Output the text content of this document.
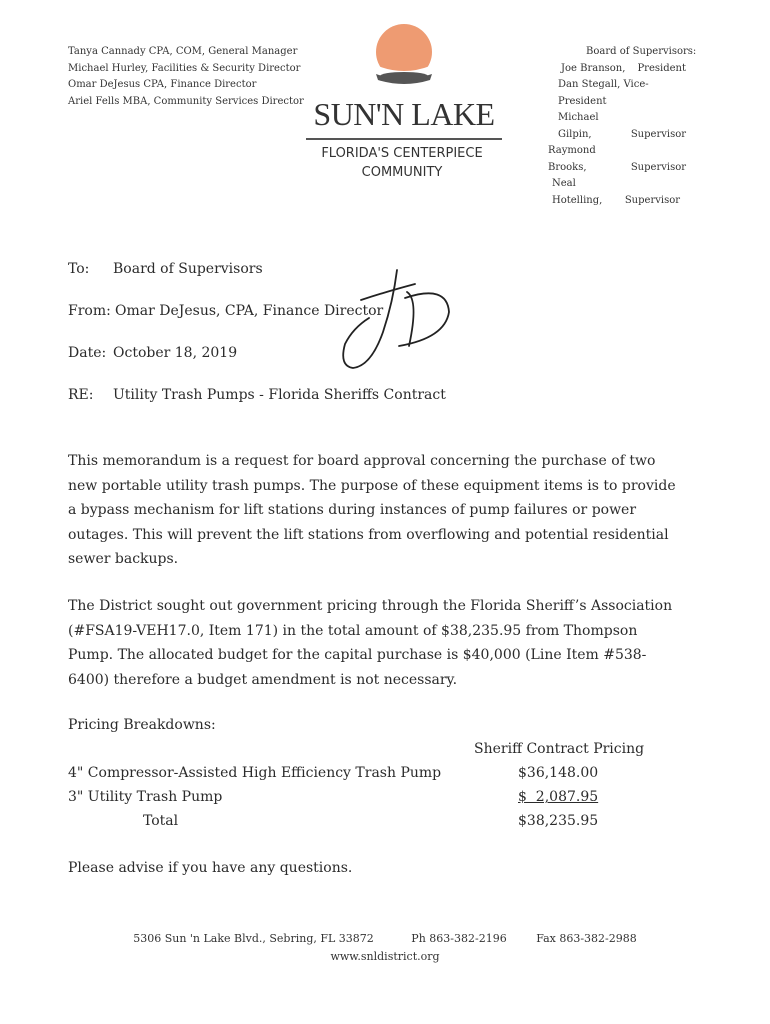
Tanya Cannady CPA, COM, General Manager
Michael Hurley, Facilities & Security Director
Omar DeJesus CPA, Finance Director
Ariel Fells MBA, Community Services Director SUN'N LAKE
FLORIDA'S CENTERPIECE
COMMUNITY
Board of Supervisors:
Joe Branson, President
Dan Stegall, Vice-President
Michael Gilpin,	Supervisor
Raymond Brooks,	Supervisor
Neal Hotelling, Supervisor
To: Board of Supervisors
From: Omar DeJesus, CPA, Finance Director
Date: October 18, 2019
RE: Utility Trash Pumps - Florida Sheriffs Contract

This memorandum is a request for board approval concerning the purchase of two new portable utility trash pumps. The purpose of these equipment items is to provide a bypass mechanism for lift stations during instances of pump failures or power outages. This will prevent the lift stations from overflowing and potential residential sewer backups.

The District sought out government pricing through the Florida Sheriff’s Association (#FSA19-VEH17.0, Item 171) in the total amount of $38,235.95 from Thompson Pump. The allocated budget for the capital purchase is $40,000 (Line Item #538-6400) therefore a budget amendment is not necessary.

Pricing Breakdowns:
Sheriff Contract Pricing
4" Compressor-Assisted High Efficiency Trash Pump	$36,148.00
3" Utility Trash Pump	$  2,087.95
Total	$38,235.95
Please advise if you have any questions.
5306 Sun 'n Lake Blvd., Sebring, FL 33872	Ph 863-382-2196	Fax 863-382-2988
www.snldistrict.org
